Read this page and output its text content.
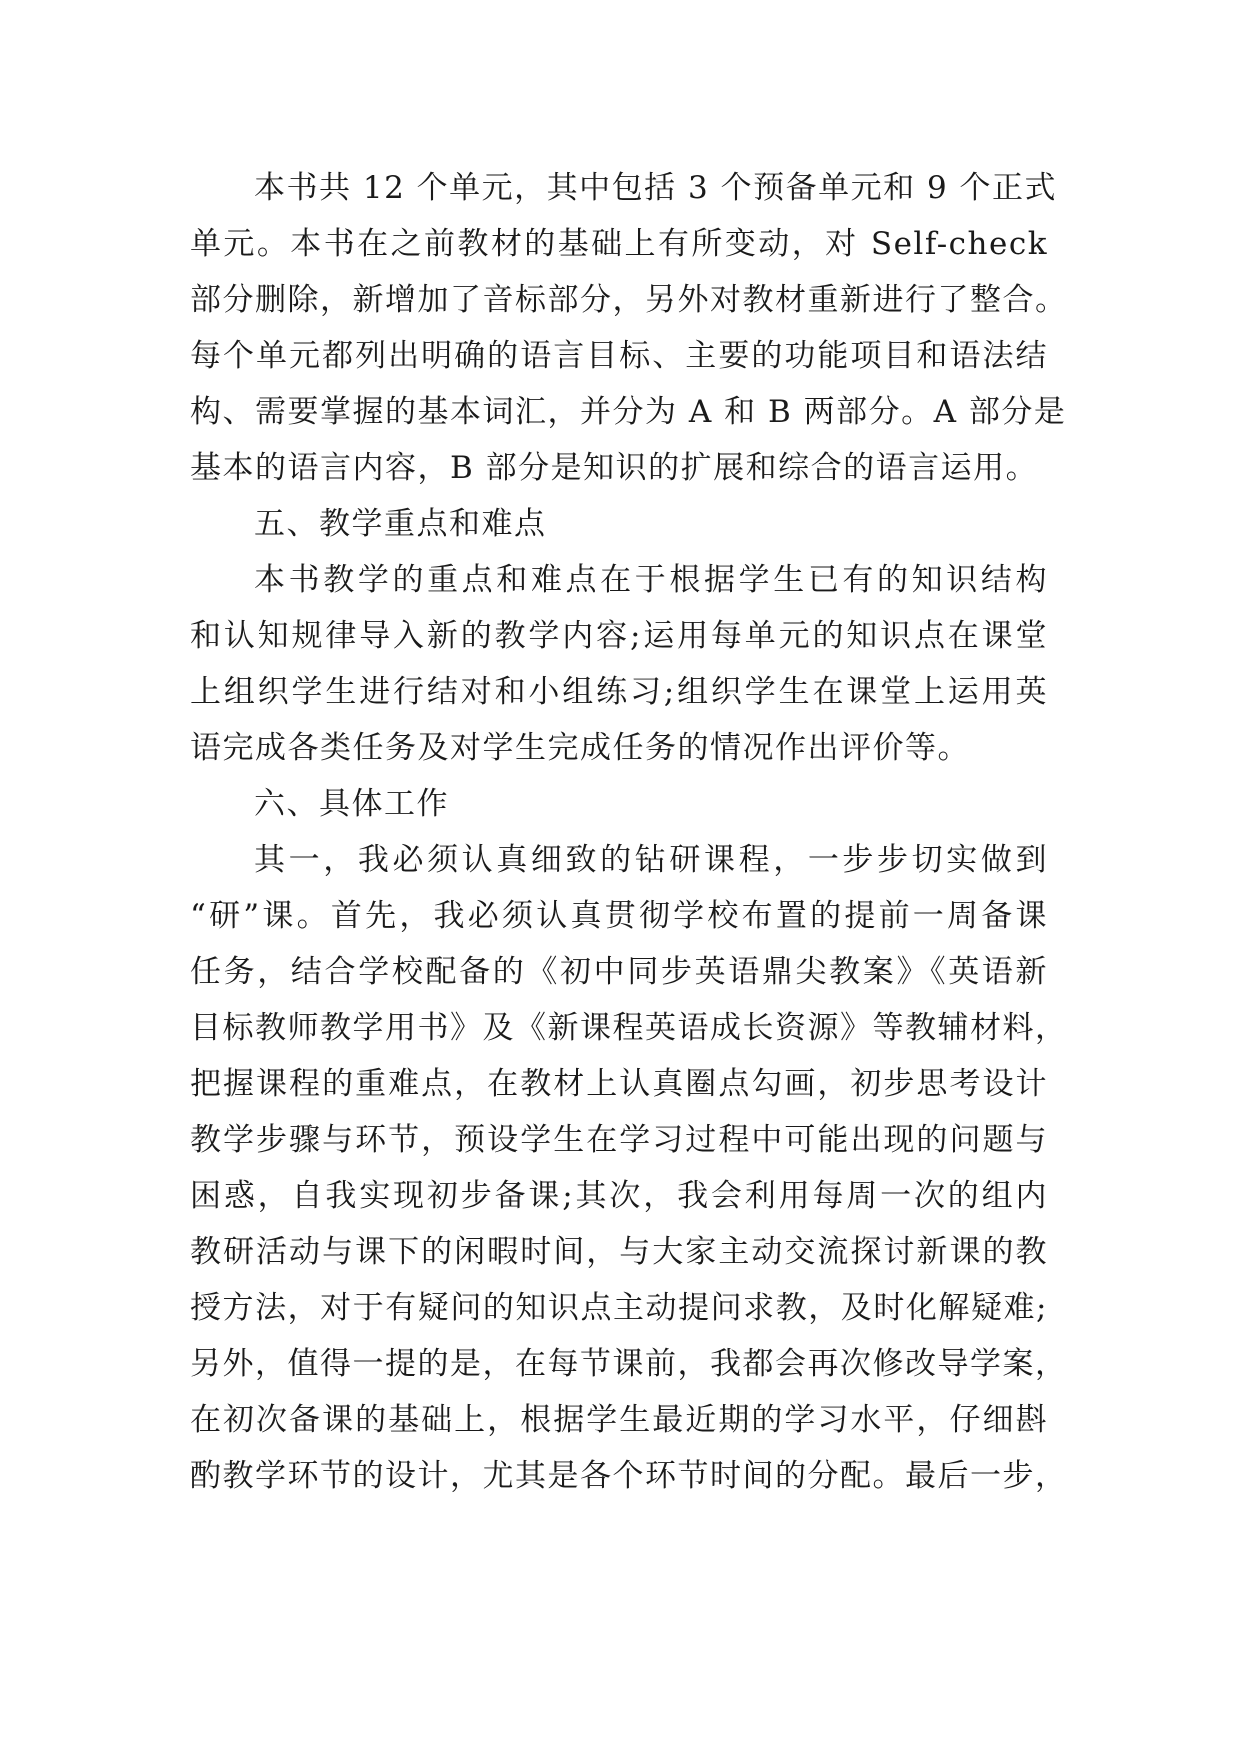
本书共 12 个单元，其中包括 3 个预备单元和 9 个正式
单元。本书在之前教材的基础上有所变动，对 Self-check
部分删除，新增加了音标部分，另外对教材重新进行了整合。
每个单元都列出明确的语言目标、主要的功能项目和语法结
构、需要掌握的基本词汇，并分为 A 和 B 两部分。A 部分是
基本的语言内容，B 部分是知识的扩展和综合的语言运用。
五、教学重点和难点
本书教学的重点和难点在于根据学生已有的知识结构
和认知规律导入新的教学内容;运用每单元的知识点在课堂
上组织学生进行结对和小组练习;组织学生在课堂上运用英
语完成各类任务及对学生完成任务的情况作出评价等。
六、具体工作
其一，我必须认真细致的钻研课程，一步步切实做到
“研”课。首先，我必须认真贯彻学校布置的提前一周备课
任务，结合学校配备的《初中同步英语鼎尖教案》《英语新
目标教师教学用书》及《新课程英语成长资源》等教辅材料，
把握课程的重难点，在教材上认真圈点勾画，初步思考设计
教学步骤与环节，预设学生在学习过程中可能出现的问题与
困惑，自我实现初步备课;其次，我会利用每周一次的组内
教研活动与课下的闲暇时间，与大家主动交流探讨新课的教
授方法，对于有疑问的知识点主动提问求教，及时化解疑难;
另外，值得一提的是，在每节课前，我都会再次修改导学案，
在初次备课的基础上，根据学生最近期的学习水平，仔细斟
酌教学环节的设计，尤其是各个环节时间的分配。最后一步，
